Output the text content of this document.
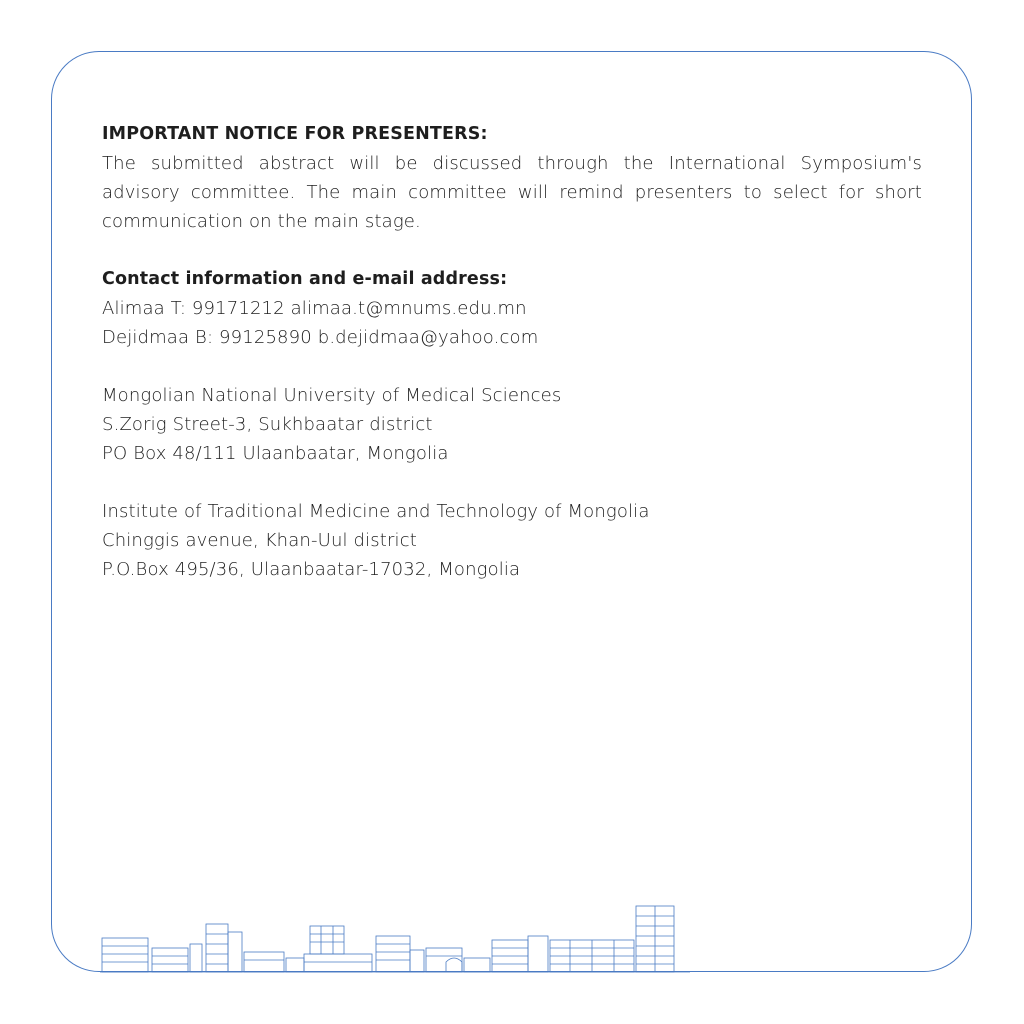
IMPORTANT NOTICE FOR PRESENTERS:

The submitted abstract will be discussed through the International Symposium's advisory committee. The main committee will remind presenters to select for short communication on the main stage.

Contact information and e-mail address:

Alimaa T: 99171212 alimaa.t@mnums.edu.mn

Dejidmaa B: 99125890 b.dejidmaa@yahoo.com

Mongolian National University of Medical Sciences

S.Zorig Street-3, Sukhbaatar district

PO Box 48/111 Ulaanbaatar, Mongolia

Institute of Traditional Medicine and Technology of Mongolia

Chinggis avenue, Khan-Uul district

P.O.Box 495/36, Ulaanbaatar-17032, Mongolia
